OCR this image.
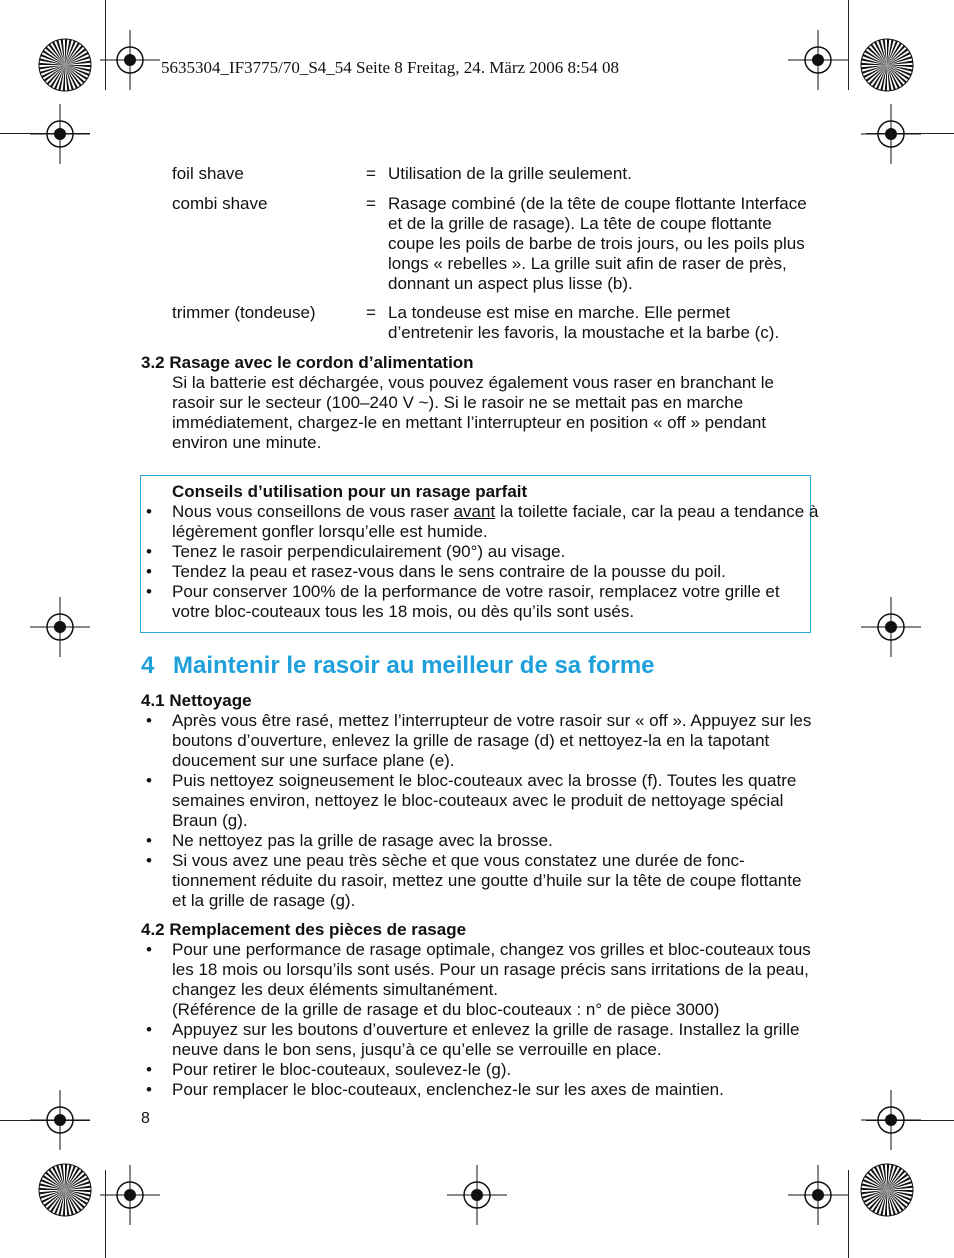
5635304_IF3775/70_S4_54 Seite 8 Freitag, 24. März 2006 8:54 08
foil shave	= Utilisation de la grille seulement.
combi shave	= Rasage combiné (de la tête de coupe flottante Interface et de la grille de rasage). La tête de coupe flottante coupe les poils de barbe de trois jours, ou les poils plus longs « rebelles ». La grille suit afin de raser de près, donnant un aspect plus lisse (b).
trimmer (tondeuse)	= La tondeuse est mise en marche. Elle permet d’entretenir les favoris, la moustache et la barbe (c).
3.2 Rasage avec le cordon d’alimentation
Si la batterie est déchargée, vous pouvez également vous raser en branchant le rasoir sur le secteur (100–240 V ~). Si le rasoir ne se mettait pas en marche immédiatement, chargez-le en mettant l’interrupteur en position « off » pendant environ une minute.
Conseils d’utilisation pour un rasage parfait
• Nous vous conseillons de vous raser avant la toilette faciale, car la peau a tendance à légèrement gonfler lorsqu’elle est humide.
• Tenez le rasoir perpendiculairement (90°) au visage.
• Tendez la peau et rasez-vous dans le sens contraire de la pousse du poil.
• Pour conserver 100% de la performance de votre rasoir, remplacez votre grille et votre bloc-couteaux tous les 18 mois, ou dès qu’ils sont usés.
4 Maintenir le rasoir au meilleur de sa forme
4.1 Nettoyage
• Après vous être rasé, mettez l’interrupteur de votre rasoir sur « off ». Appuyez sur les boutons d’ouverture, enlevez la grille de rasage (d) et nettoyez-la en la tapotant doucement sur une surface plane (e).
• Puis nettoyez soigneusement le bloc-couteaux avec la brosse (f). Toutes les quatre semaines environ, nettoyez le bloc-couteaux avec le produit de nettoyage spécial Braun (g).
• Ne nettoyez pas la grille de rasage avec la brosse.
• Si vous avez une peau très sèche et que vous constatez une durée de fonc-tionnement réduite du rasoir, mettez une goutte d’huile sur la tête de coupe flottante et la grille de rasage (g).
4.2 Remplacement des pièces de rasage
• Pour une performance de rasage optimale, changez vos grilles et bloc-couteaux tous les 18 mois ou lorsqu’ils sont usés. Pour un rasage précis sans irritations de la peau, changez les deux éléments simultanément.
(Référence de la grille de rasage et du bloc-couteaux : n° de pièce 3000)
• Appuyez sur les boutons d’ouverture et enlevez la grille de rasage. Installez la grille neuve dans le bon sens, jusqu’à ce qu’elle se verrouille en place.
• Pour retirer le bloc-couteaux, soulevez-le (g).
• Pour remplacer le bloc-couteaux, enclenchez-le sur les axes de maintien.
8
